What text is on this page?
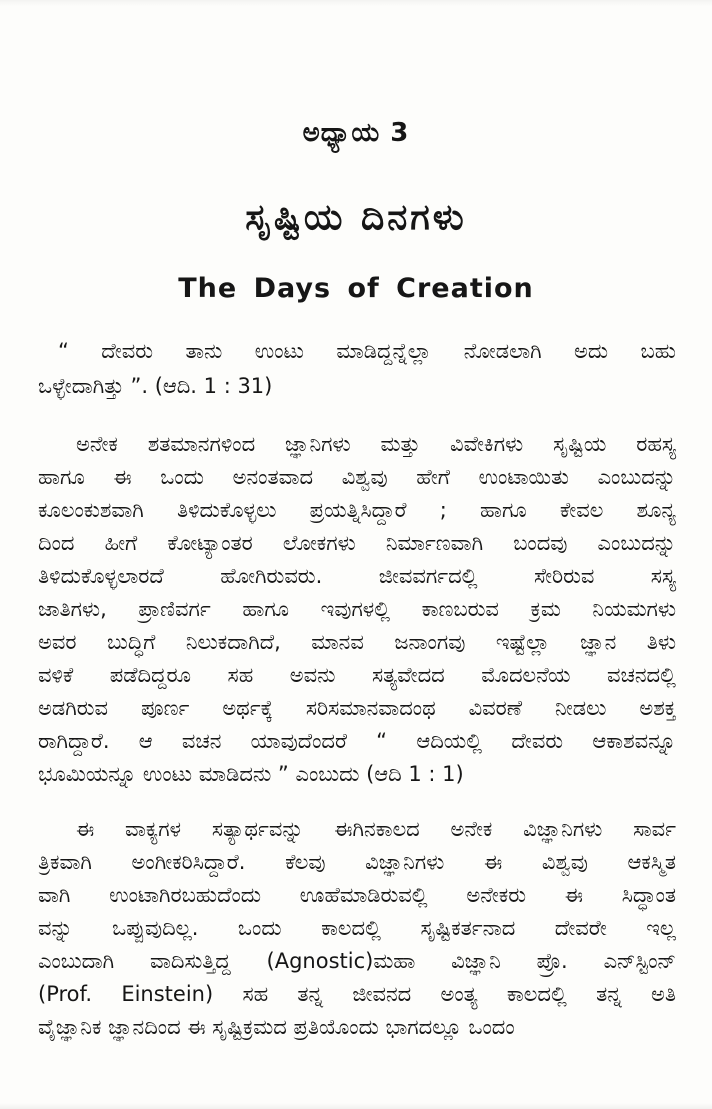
ಅಧ್ಯಾಯ 3
ಸೃಷ್ಟಿಯ ದಿನಗಳು
The Days of Creation
“ ದೇವರು ತಾನು ಉಂಟು ಮಾಡಿದ್ದನ್ನೆಲ್ಲಾ ನೋಡಲಾಗಿ ಅದು ಬಹು
ಒಳ್ಳೇದಾಗಿತ್ತು ”. (ಆದಿ. 1 : 31)
ಅನೇಕ ಶತಮಾನಗಳಿಂದ ಜ್ಞಾನಿಗಳು ಮತ್ತು ವಿವೇಕಿಗಳು ಸೃಷ್ಟಿಯ ರಹಸ್ಯ
ಹಾಗೂ ಈ ಒಂದು ಅನಂತವಾದ ವಿಶ್ವವು ಹೇಗೆ ಉಂಟಾಯಿತು ಎಂಬುದನ್ನು
ಕೂಲಂಕುಶವಾಗಿ ತಿಳಿದುಕೊಳ್ಳಲು ಪ್ರಯತ್ನಿಸಿದ್ದಾರೆ ; ಹಾಗೂ ಕೇವಲ ಶೂನ್ಯ
ದಿಂದ ಹೀಗೆ ಕೋಟ್ಯಾಂತರ ಲೋಕಗಳು ನಿರ್ಮಾಣವಾಗಿ ಬಂದವು ಎಂಬುದನ್ನು
ತಿಳಿದುಕೊಳ್ಳಲಾರದೆ ಹೋಗಿರುವರು. ಜೀವವರ್ಗದಲ್ಲಿ ಸೇರಿರುವ ಸಸ್ಯ
ಜಾತಿಗಳು, ಪ್ರಾಣಿವರ್ಗ ಹಾಗೂ ಇವುಗಳಲ್ಲಿ ಕಾಣಬರುವ ಕ್ರಮ ನಿಯಮಗಳು
ಅವರ ಬುದ್ಧಿಗೆ ನಿಲುಕದಾಗಿದೆ, ಮಾನವ ಜನಾಂಗವು ಇಷ್ಟೆಲ್ಲಾ ಜ್ಞಾನ ತಿಳು
ವಳಿಕೆ ಪಡೆದಿದ್ದರೂ ಸಹ ಅವನು ಸತ್ಯವೇದದ ಮೊದಲನೆಯ ವಚನದಲ್ಲಿ
ಅಡಗಿರುವ ಪೂರ್ಣ ಅರ್ಥಕ್ಕೆ ಸರಿಸಮಾನವಾದಂಥ ವಿವರಣೆ ನೀಡಲು ಅಶಕ್ತ
ರಾಗಿದ್ದಾರೆ. ಆ ವಚನ ಯಾವುದೆಂದರೆ “ ಆದಿಯಲ್ಲಿ ದೇವರು ಆಕಾಶವನ್ನೂ
ಭೂಮಿಯನ್ನೂ ಉಂಟು ಮಾಡಿದನು ” ಎಂಬುದು (ಆದಿ 1 : 1)
ಈ ವಾಕ್ಯಗಳ ಸತ್ಯಾರ್ಥವನ್ನು ಈಗಿನಕಾಲದ ಅನೇಕ ವಿಜ್ಞಾನಿಗಳು ಸಾರ್ವ
ತ್ರಿಕವಾಗಿ ಅಂಗೀಕರಿಸಿದ್ದಾರೆ. ಕೆಲವು ವಿಜ್ಞಾನಿಗಳು ಈ ವಿಶ್ವವು ಆಕಸ್ಮಿತ
ವಾಗಿ ಉಂಟಾಗಿರಬಹುದೆಂದು ಊಹೆಮಾಡಿರುವಲ್ಲಿ ಅನೇಕರು ಈ ಸಿದ್ಧಾಂತ
ವನ್ನು ಒಪ್ಪುವುದಿಲ್ಲ. ಒಂದು ಕಾಲದಲ್ಲಿ ಸೃಷ್ಟಿಕರ್ತನಾದ ದೇವರೇ ಇಲ್ಲ
ಎಂಬುದಾಗಿ ವಾದಿಸುತ್ತಿದ್ದ (Agnostic)ಮಹಾ ವಿಜ್ಞಾನಿ ಪ್ರೊ. ಎನ್‌ಸ್ಟಿಂನ್
(Prof. Einstein) ಸಹ ತನ್ನ ಜೀವನದ ಅಂತ್ಯ ಕಾಲದಲ್ಲಿ ತನ್ನ ಅತಿ
ವೈಜ್ಞಾನಿಕ ಜ್ಞಾನದಿಂದ ಈ ಸೃಷ್ಟಿಕ್ರಮದ ಪ್ರತಿಯೊಂದು ಭಾಗದಲ್ಲೂ ಒಂದಂ
